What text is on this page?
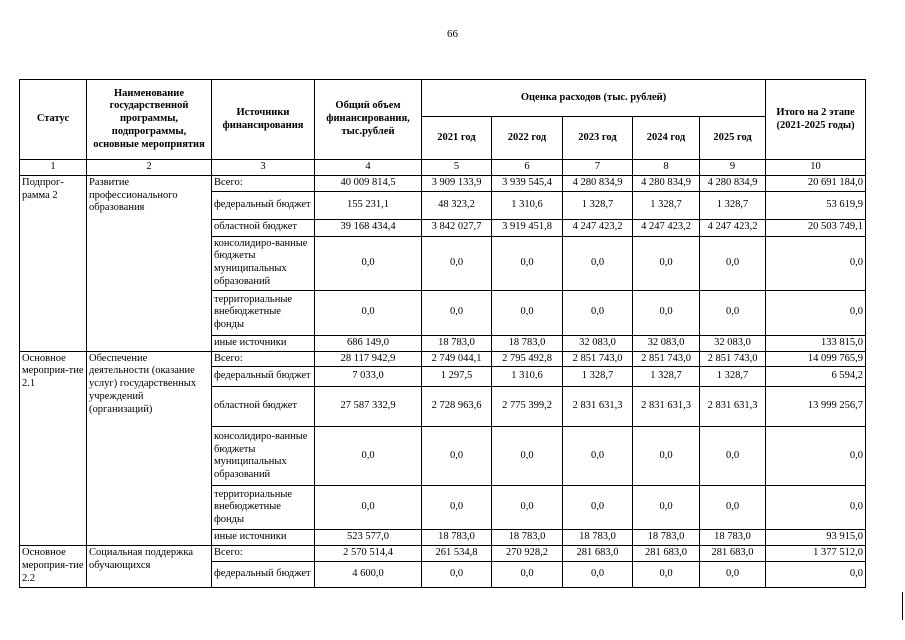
66
Статус	Наименование государственной программы, подпрограммы, основные мероприятия	Источники финансирования	Общий объем финансирования, тыс.рублей	Оценка расходов (тыс. рублей)					Итого на 2 этапе (2021-2025 годы)
				2021 год	2022 год	2023 год	2024 год	2025 год	
1	2	3	4	5	6	7	8	9	10
Подпрог-рамма 2	Развитие профессионального образования	Всего:	40 009 814,5	3 909 133,9	3 939 545,4	4 280 834,9	4 280 834,9	4 280 834,9	20 691 184,0
		федеральный бюджет	155 231,1	48 323,2	1 310,6	1 328,7	1 328,7	1 328,7	53 619,9
		областной бюджет	39 168 434,4	3 842 027,7	3 919 451,8	4 247 423,2	4 247 423,2	4 247 423,2	20 503 749,1
		консолидиро-ванные бюджеты муниципальных образований	0,0	0,0	0,0	0,0	0,0	0,0	0,0
		территориальные внебюджетные фонды	0,0	0,0	0,0	0,0	0,0	0,0	0,0
		иные источники	686 149,0	18 783,0	18 783,0	32 083,0	32 083,0	32 083,0	133 815,0
Основное мероприя-тие 2.1	Обеспечение деятельности (оказание услуг) государственных учреждений (организаций)	Всего:	28 117 942,9	2 749 044,1	2 795 492,8	2 851 743,0	2 851 743,0	2 851 743,0	14 099 765,9
		федеральный бюджет	7 033,0	1 297,5	1 310,6	1 328,7	1 328,7	1 328,7	6 594,2
		областной бюджет	27 587 332,9	2 728 963,6	2 775 399,2	2 831 631,3	2 831 631,3	2 831 631,3	13 999 256,7
		консолидиро-ванные бюджеты муниципальных образований	0,0	0,0	0,0	0,0	0,0	0,0	0,0
		территориальные внебюджетные фонды	0,0	0,0	0,0	0,0	0,0	0,0	0,0
		иные источники	523 577,0	18 783,0	18 783,0	18 783,0	18 783,0	18 783,0	93 915,0
Основное мероприя-тие 2.2	Социальная поддержка обучающихся	Всего:	2 570 514,4	261 534,8	270 928,2	281 683,0	281 683,0	281 683,0	1 377 512,0
		федеральный бюджет	4 600,0	0,0	0,0	0,0	0,0	0,0	0,0
